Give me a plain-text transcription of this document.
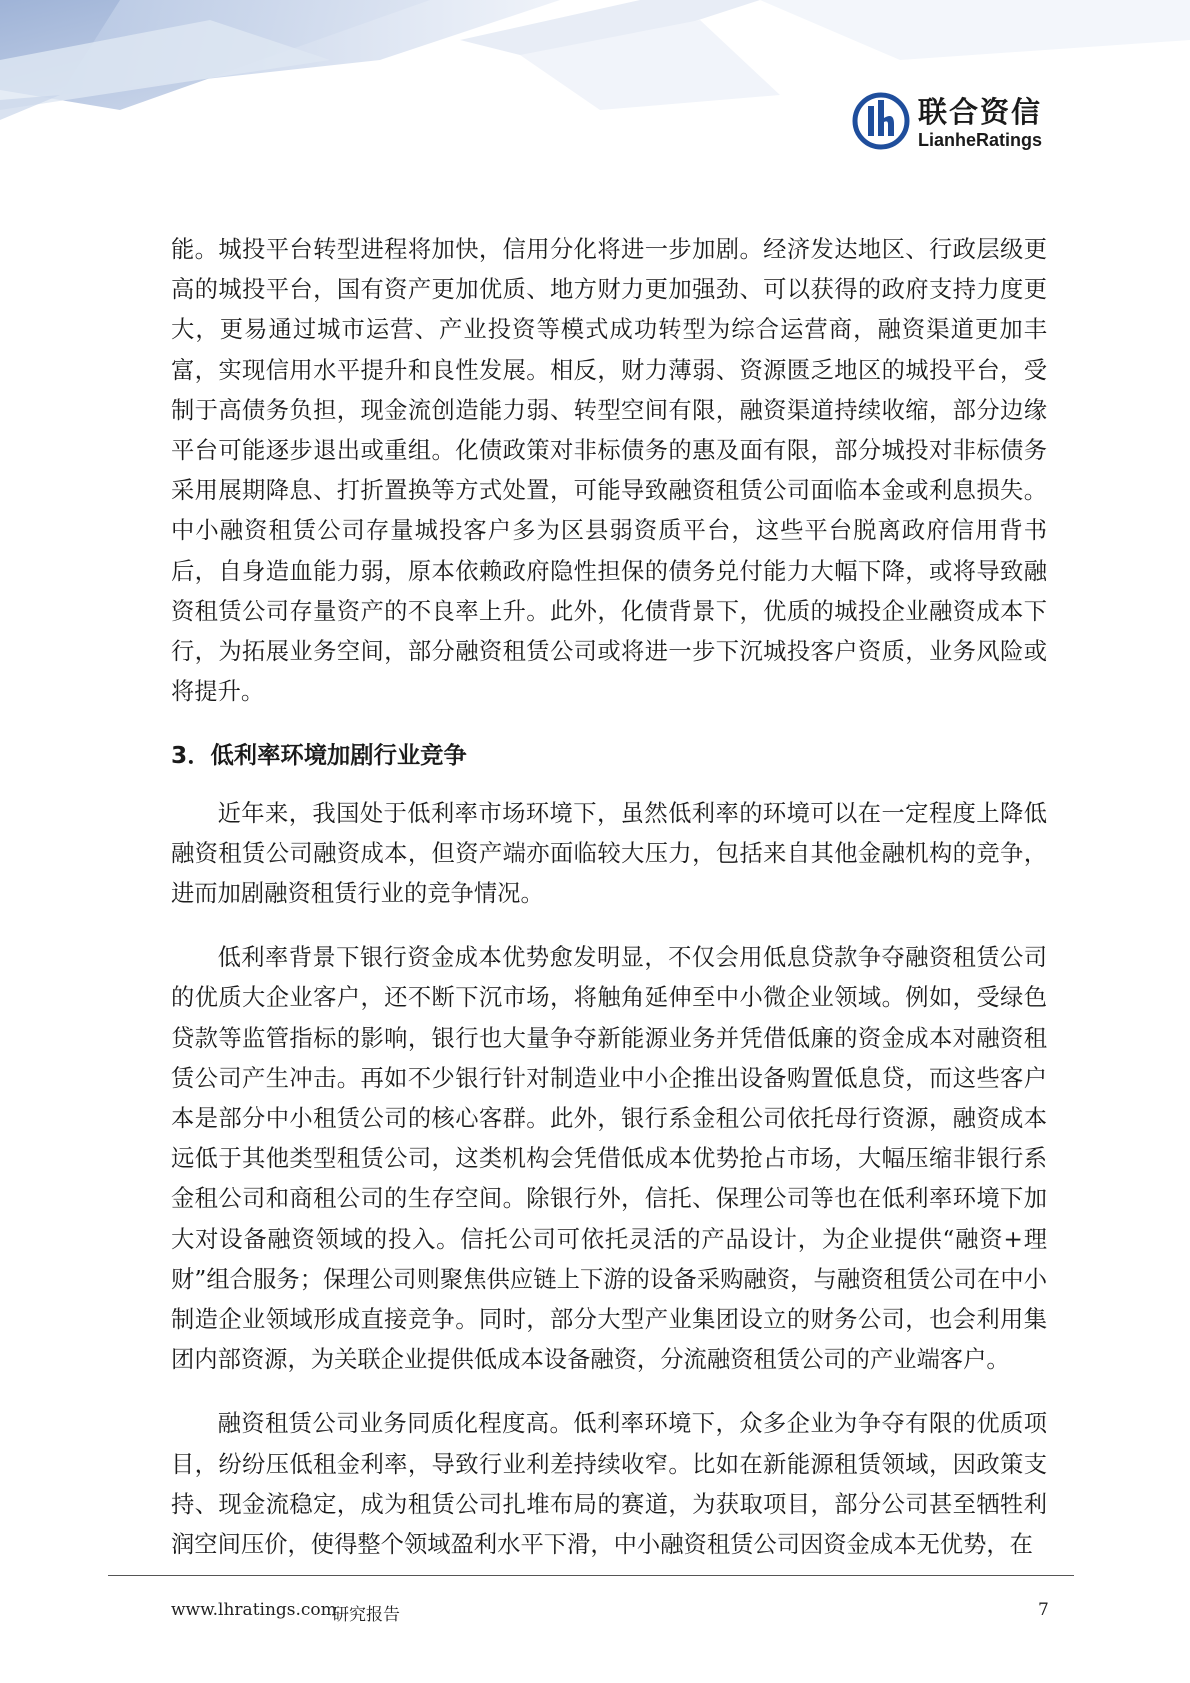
联合资信
LianheRatings

能。城投平台转型进程将加快，信用分化将进一步加剧。经济发达地区、行政层级更高的城投平台，国有资产更加优质、地方财力更加强劲、可以获得的政府支持力度更大，更易通过城市运营、产业投资等模式成功转型为综合运营商，融资渠道更加丰富，实现信用水平提升和良性发展。相反，财力薄弱、资源匮乏地区的城投平台，受制于高债务负担，现金流创造能力弱、转型空间有限，融资渠道持续收缩，部分边缘平台可能逐步退出或重组。化债政策对非标债务的惠及面有限，部分城投对非标债务采用展期降息、打折置换等方式处置，可能导致融资租赁公司面临本金或利息损失。中小融资租赁公司存量城投客户多为区县弱资质平台，这些平台脱离政府信用背书后，自身造血能力弱，原本依赖政府隐性担保的债务兑付能力大幅下降，或将导致融资租赁公司存量资产的不良率上升。此外，化债背景下，优质的城投企业融资成本下行，为拓展业务空间，部分融资租赁公司或将进一步下沉城投客户资质，业务风险或将提升。

3．低利率环境加剧行业竞争

近年来，我国处于低利率市场环境下，虽然低利率的环境可以在一定程度上降低融资租赁公司融资成本，但资产端亦面临较大压力，包括来自其他金融机构的竞争，进而加剧融资租赁行业的竞争情况。

低利率背景下银行资金成本优势愈发明显，不仅会用低息贷款争夺融资租赁公司的优质大企业客户，还不断下沉市场，将触角延伸至中小微企业领域。例如，受绿色贷款等监管指标的影响，银行也大量争夺新能源业务并凭借低廉的资金成本对融资租赁公司产生冲击。再如不少银行针对制造业中小企推出设备购置低息贷，而这些客户本是部分中小租赁公司的核心客群。此外，银行系金租公司依托母行资源，融资成本远低于其他类型租赁公司，这类机构会凭借低成本优势抢占市场，大幅压缩非银行系金租公司和商租公司的生存空间。除银行外，信托、保理公司等也在低利率环境下加大对设备融资领域的投入。信托公司可依托灵活的产品设计，为企业提供“融资+理财”组合服务；保理公司则聚焦供应链上下游的设备采购融资，与融资租赁公司在中小制造企业领域形成直接竞争。同时，部分大型产业集团设立的财务公司，也会利用集团内部资源，为关联企业提供低成本设备融资，分流融资租赁公司的产业端客户。

融资租赁公司业务同质化程度高。低利率环境下，众多企业为争夺有限的优质项目，纷纷压低租金利率，导致行业利差持续收窄。比如在新能源租赁领域，因政策支持、现金流稳定，成为租赁公司扎堆布局的赛道，为获取项目，部分公司甚至牺牲利润空间压价，使得整个领域盈利水平下滑，中小融资租赁公司因资金成本无优势，在

www.lhratings.com
研究报告	7
